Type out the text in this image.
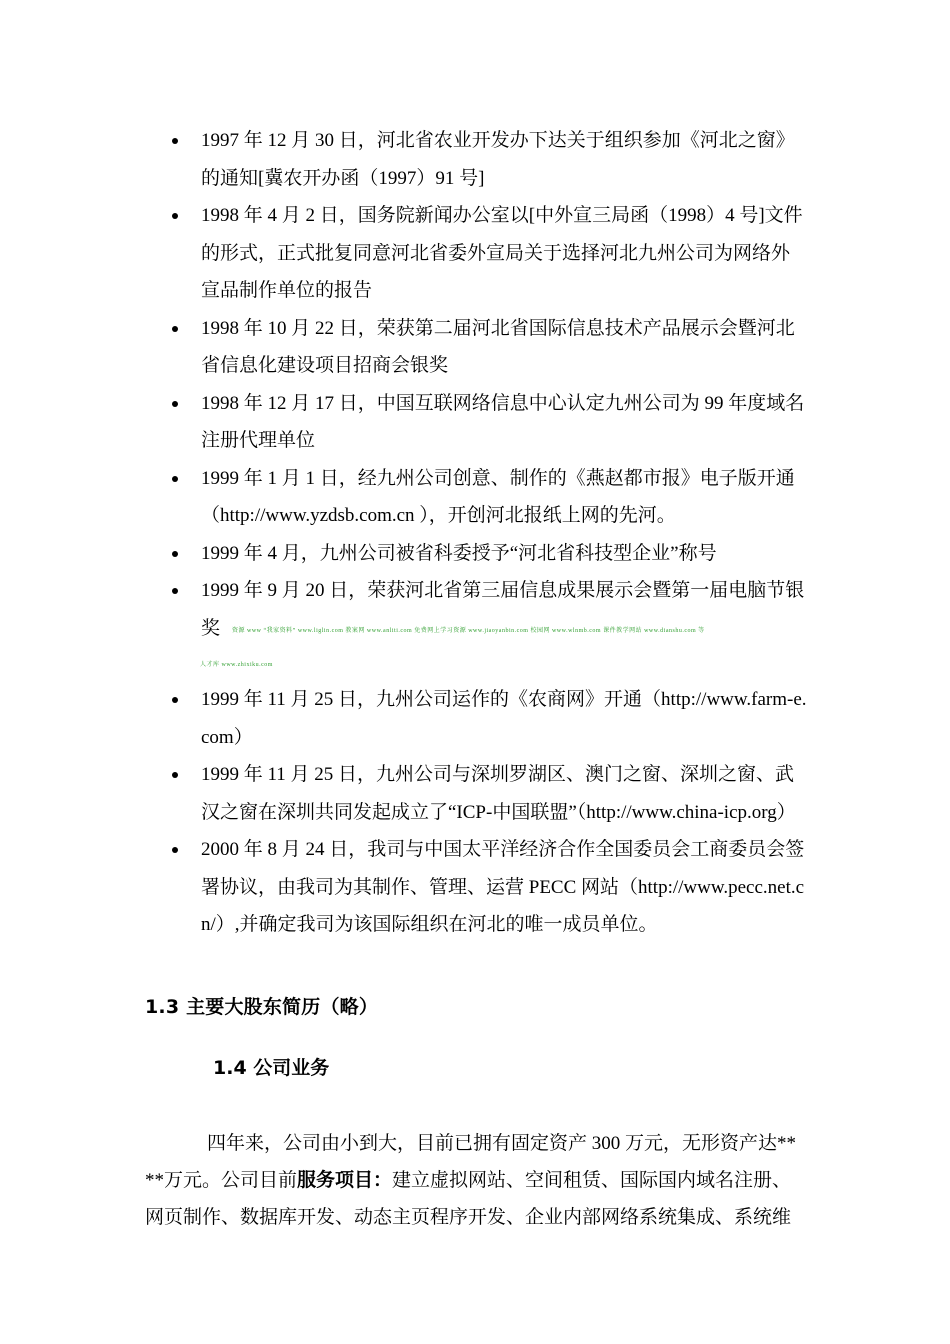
1997 年 12 月 30 日，河北省农业开发办下达关于组织参加《河北之窗》的通知[冀农开办函（1997）91 号]
1998 年 4 月 2 日，国务院新闻办公室以[中外宣三局函（1998）4 号]文件的形式，正式批复同意河北省委外宣局关于选择河北九州公司为网络外宣品制作单位的报告
1998 年 10 月 22 日，荣获第二届河北省国际信息技术产品展示会暨河北省信息化建设项目招商会银奖
1998 年 12 月 17 日，中国互联网络信息中心认定九州公司为 99 年度域名注册代理单位
1999 年 1 月 1 日，经九州公司创意、制作的《燕赵都市报》电子版开通（http://www.yzdsb.com.cn ），开创河北报纸上网的先河。
1999 年 4 月，九州公司被省科委授予“河北省科技型企业”称号
1999 年 9 月 20 日，荣获河北省第三届信息成果展示会暨第一届电脑节银奖
1999 年 11 月 25 日，九州公司运作的《农商网》开通（http://www.farm-e.com）
1999 年 11 月 25 日，九州公司与深圳罗湖区、澳门之窗、深圳之窗、武汉之窗在深圳共同发起成立了“ICP-中国联盟”（http://www.china-icp.org）
2000 年 8 月 24 日，我司与中国太平洋经济合作全国委员会工商委员会签署协议，由我司为其制作、管理、运营 PECC 网站（http://www.pecc.net.cn/）,并确定我司为该国际组织在河北的唯一成员单位。
资源 www “我家资料” www.liglin.com 教案网 www.anliti.com 免费网上学习资源 www.jiaoyanbin.com 校园网 www.wlnmb.com 课件教学网站 www.dianshu.com 等
人才库 www.zhixiku.com
1.3 主要大股东简历（略）
1.4 公司业务

四年来，公司由小到大，目前已拥有固定资产 300 万元，无形资产达****万元。公司目前服务项目：建立虚拟网站、空间租赁、国际国内域名注册、网页制作、数据库开发、动态主页程序开发、企业内部网络系统集成、系统维
